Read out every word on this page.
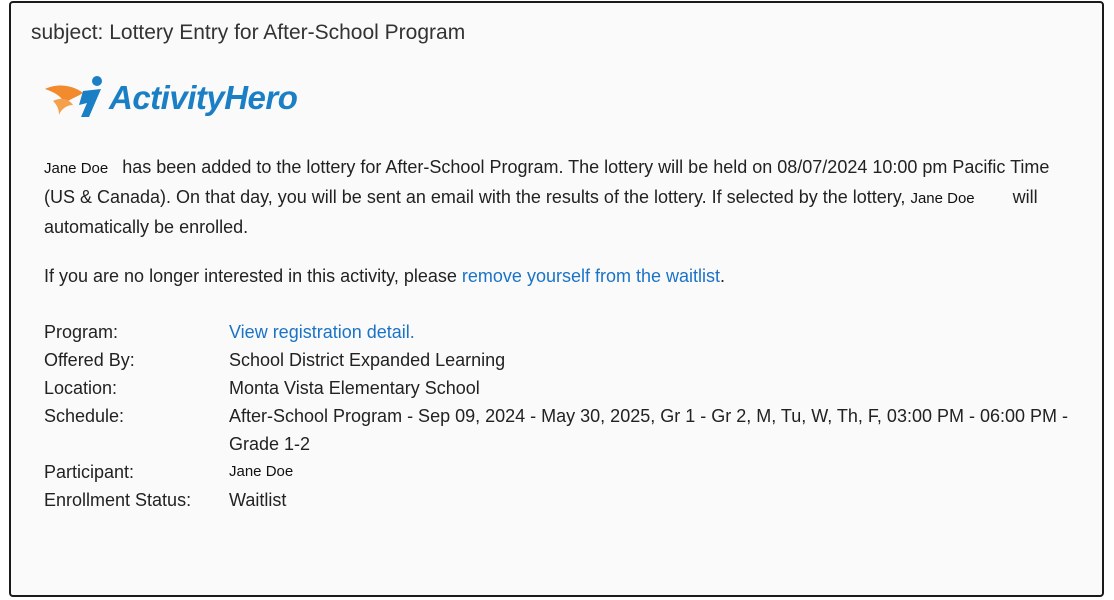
subject: Lottery Entry for After-School Program
ActivityHero
Jane Doe has been added to the lottery for After-School Program. The lottery will be held on 08/07/2024 10:00 pm Pacific Time (US & Canada). On that day, you will be sent an email with the results of the lottery. If selected by the lottery, Jane Doe will automatically be enrolled.
If you are no longer interested in this activity, please remove yourself from the waitlist.
Program:	View registration detail.
Offered By:	School District Expanded Learning
Location:	Monta Vista Elementary School
Schedule:	After-School Program - Sep 09, 2024 - May 30, 2025, Gr 1 - Gr 2, M, Tu, W, Th, F, 03:00 PM - 06:00 PM - Grade 1-2
Participant:	Jane Doe
Enrollment Status:	Waitlist
